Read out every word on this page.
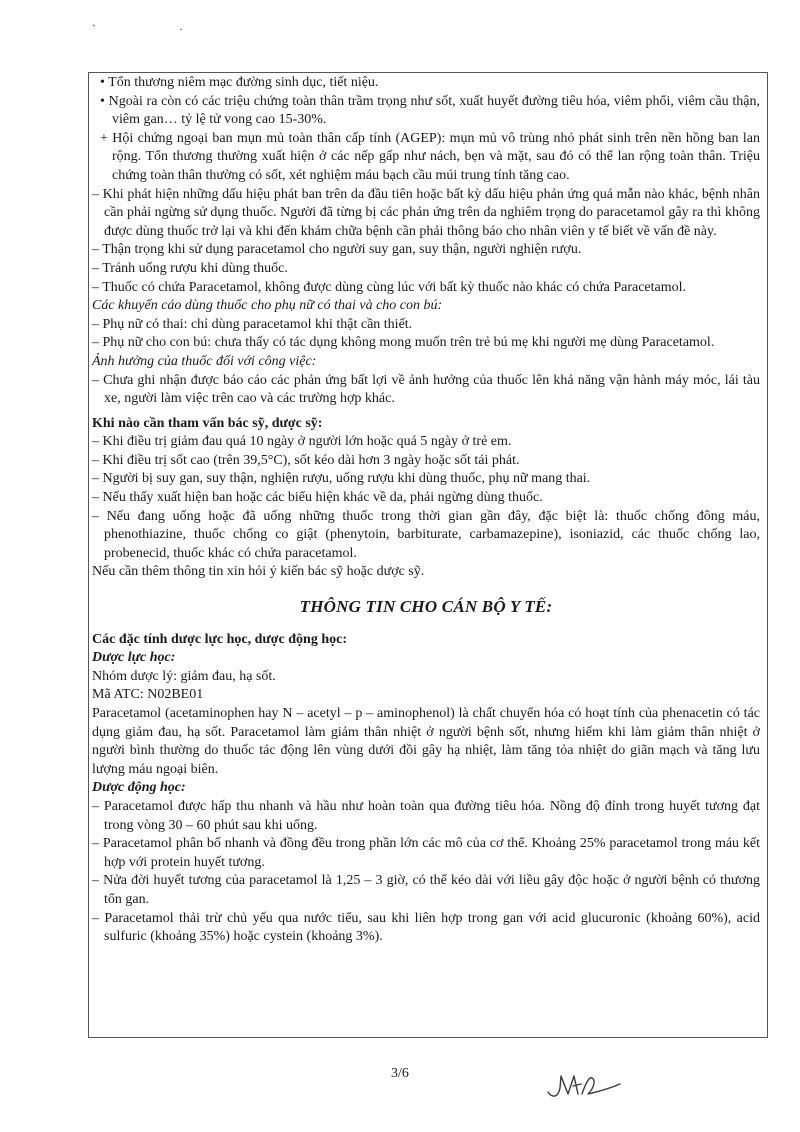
` ·

• Tổn thương niêm mạc đường sinh dục, tiết niệu.

• Ngoài ra còn có các triệu chứng toàn thân trầm trọng như sốt, xuất huyết đường tiêu hóa, viêm phổi, viêm cầu thận, viêm gan… tỷ lệ tử vong cao 15-30%.

+ Hội chứng ngoại ban mụn mủ toàn thân cấp tính (AGEP): mụn mủ vô trùng nhỏ phát sinh trên nền hồng ban lan rộng. Tổn thương thường xuất hiện ở các nếp gấp như nách, bẹn và mặt, sau đó có thể lan rộng toàn thân. Triệu chứng toàn thân thường có sốt, xét nghiệm máu bạch cầu múi trung tính tăng cao.

– Khi phát hiện những dấu hiệu phát ban trên da đầu tiên hoặc bất kỳ dấu hiệu phản ứng quá mẫn nào khác, bệnh nhân cần phải ngừng sử dụng thuốc. Người đã từng bị các phản ứng trên da nghiêm trọng do paracetamol gây ra thì không được dùng thuốc trở lại và khi đến khám chữa bệnh cần phải thông báo cho nhân viên y tế biết về vấn đề này.

– Thận trọng khi sử dụng paracetamol cho người suy gan, suy thận, người nghiện rượu.

– Tránh uống rượu khi dùng thuốc.

– Thuốc có chứa Paracetamol, không được dùng cùng lúc với bất kỳ thuốc nào khác có chứa Paracetamol.

Các khuyến cáo dùng thuốc cho phụ nữ có thai và cho con bú:

– Phụ nữ có thai: chỉ dùng paracetamol khi thật cần thiết.

– Phụ nữ cho con bú: chưa thấy có tác dụng không mong muốn trên trẻ bú mẹ khi người mẹ dùng Paracetamol.

Ảnh hưởng của thuốc đối với công việc:

– Chưa ghi nhận được báo cáo các phản ứng bất lợi về ảnh hưởng của thuốc lên khả năng vận hành máy móc, lái tàu xe, người làm việc trên cao và các trường hợp khác.

Khi nào cần tham vấn bác sỹ, dược sỹ:

– Khi điều trị giảm đau quá 10 ngày ở người lớn hoặc quá 5 ngày ở trẻ em.

– Khi điều trị sốt cao (trên 39,5°C), sốt kéo dài hơn 3 ngày hoặc sốt tái phát.

– Người bị suy gan, suy thận, nghiện rượu, uống rượu khi dùng thuốc, phụ nữ mang thai.

– Nếu thấy xuất hiện ban hoặc các biểu hiện khác về da, phải ngừng dùng thuốc.

– Nếu đang uống hoặc đã uống những thuốc trong thời gian gần đây, đặc biệt là: thuốc chống đông máu, phenothiazine, thuốc chống co giật (phenytoin, barbiturate, carbamazepine), isoniazid, các thuốc chống lao, probenecid, thuốc khác có chứa paracetamol.

Nếu cần thêm thông tin xin hỏi ý kiến bác sỹ hoặc dược sỹ.

THÔNG TIN CHO CÁN BỘ Y TẾ:

Các đặc tính dược lực học, dược động học:

Dược lực học:

Nhóm dược lý: giảm đau, hạ sốt.

Mã ATC: N02BE01

Paracetamol (acetaminophen hay N – acetyl – p – aminophenol) là chất chuyển hóa có hoạt tính của phenacetin có tác dụng giảm đau, hạ sốt. Paracetamol làm giảm thân nhiệt ở người bệnh sốt, nhưng hiếm khi làm giảm thân nhiệt ở người bình thường do thuốc tác động lên vùng dưới đồi gây hạ nhiệt, làm tăng tỏa nhiệt do giãn mạch và tăng lưu lượng máu ngoại biên.

Dược động học:

– Paracetamol được hấp thu nhanh và hầu như hoàn toàn qua đường tiêu hóa. Nồng độ đỉnh trong huyết tương đạt trong vòng 30 – 60 phút sau khi uống.

– Paracetamol phân bố nhanh và đồng đều trong phần lớn các mô của cơ thể. Khoảng 25% paracetamol trong máu kết hợp với protein huyết tương.

– Nửa đời huyết tương của paracetamol là 1,25 – 3 giờ, có thể kéo dài với liều gây độc hoặc ở người bệnh có thương tổn gan.

– Paracetamol thải trừ chủ yếu qua nước tiểu, sau khi liên hợp trong gan với acid glucuronic (khoảng 60%), acid sulfuric (khoảng 35%) hoặc cystein (khoảng 3%).

3/6
